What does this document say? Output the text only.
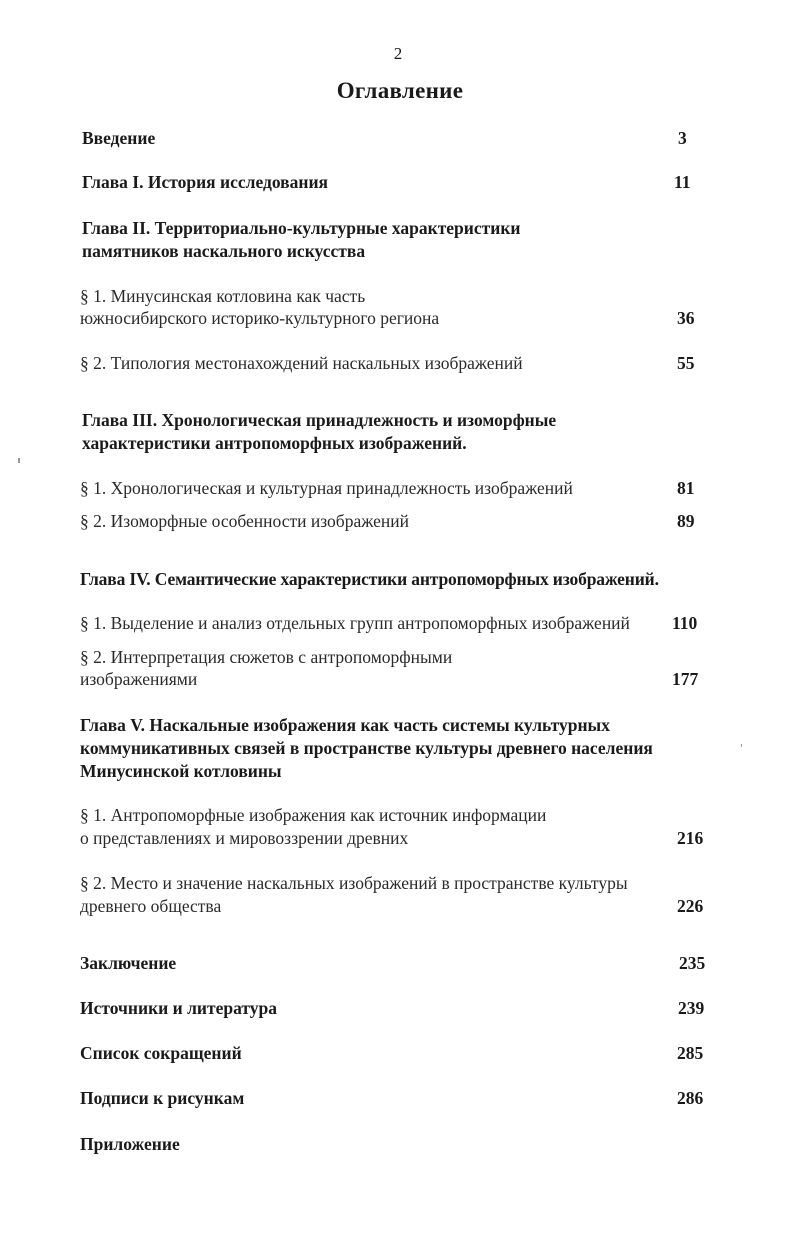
2
Оглавление
Введение	3
Глава I. История исследования	11
Глава II. Территориально-культурные характеристики
памятников наскального искусства
§ 1. Минусинская котловина как часть
южносибирского историко-культурного региона	36
§ 2. Типология местонахождений наскальных изображений	55
Глава III. Хронологическая принадлежность и изоморфные
характеристики антропоморфных изображений.
§ 1. Хронологическая и культурная принадлежность изображений	81
§ 2. Изоморфные особенности изображений	89
Глава IV. Семантические характеристики антропоморфных изображений.
§ 1. Выделение и анализ отдельных групп антропоморфных изображений 110
§ 2. Интерпретация сюжетов с антропоморфными
изображениями	177
Глава V. Наскальные изображения как часть системы культурных
коммуникативных связей в пространстве культуры древнего населения
Минусинской котловины
§ 1. Антропоморфные изображения как источник информации
о представлениях и мировоззрении древних	216
§ 2. Место и значение наскальных изображений в пространстве культуры
древнего общества	226
Заключение	235
Источники и литература	239
Список сокращений	285
Подписи к рисункам	286
Приложение
